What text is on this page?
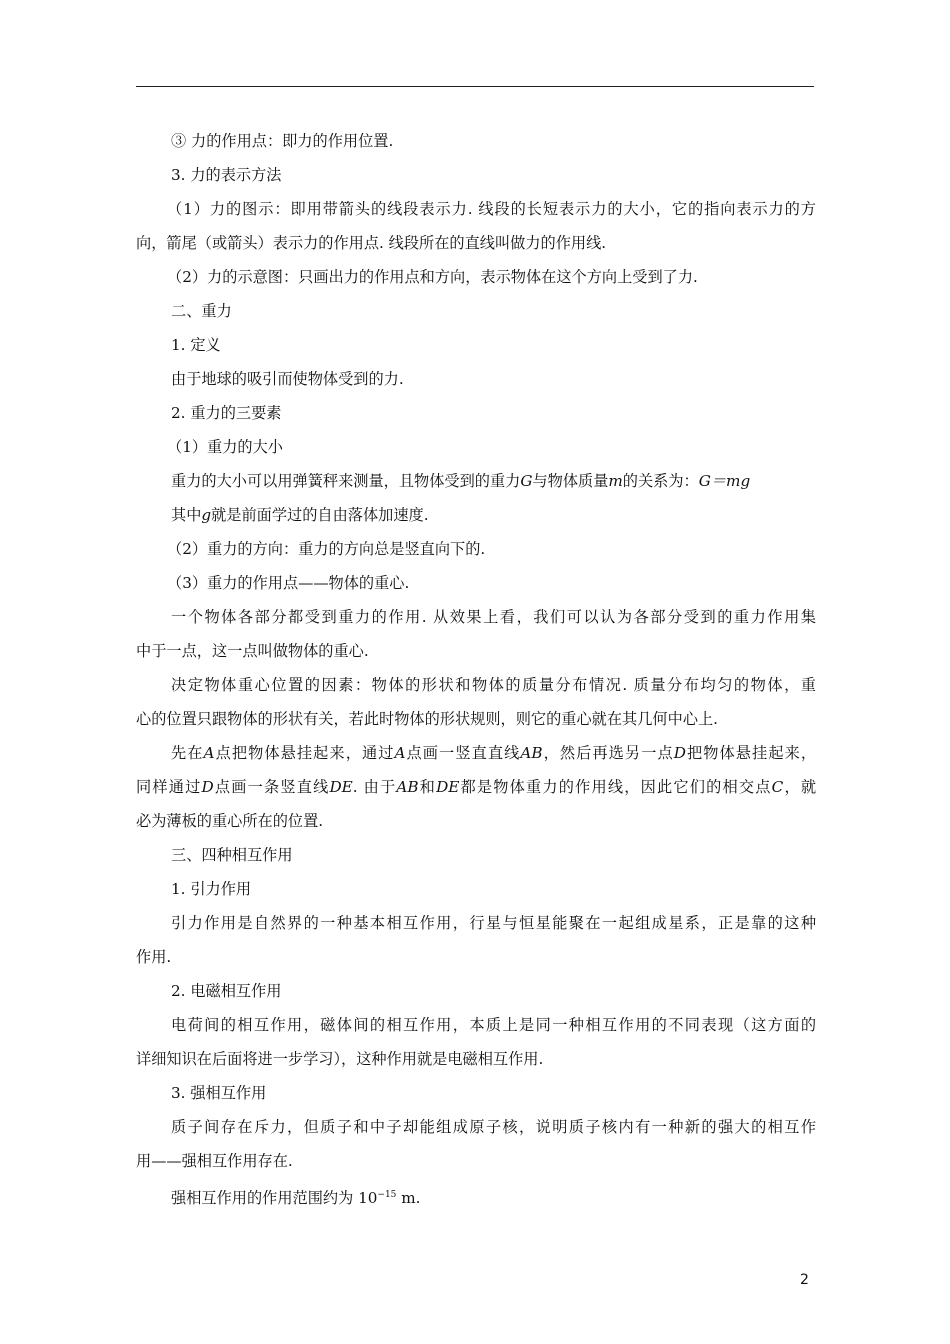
③ 力的作用点：即力的作用位置.
3. 力的表示方法
（1）力的图示：即用带箭头的线段表示力. 线段的长短表示力的大小，它的指向表示力的方
向，箭尾（或箭头）表示力的作用点. 线段所在的直线叫做力的作用线.
（2）力的示意图：只画出力的作用点和方向，表示物体在这个方向上受到了力.
二、重力
1. 定义
由于地球的吸引而使物体受到的力.
2. 重力的三要素
（1）重力的大小
重力的大小可以用弹簧秤来测量，且物体受到的重力G与物体质量m的关系为：G＝mg
其中g就是前面学过的自由落体加速度.
（2）重力的方向：重力的方向总是竖直向下的.
（3）重力的作用点——物体的重心.
一个物体各部分都受到重力的作用. 从效果上看，我们可以认为各部分受到的重力作用集
中于一点，这一点叫做物体的重心.
决定物体重心位置的因素：物体的形状和物体的质量分布情况. 质量分布均匀的物体，重
心的位置只跟物体的形状有关，若此时物体的形状规则，则它的重心就在其几何中心上.
先在A点把物体悬挂起来，通过A点画一竖直直线AB，然后再选另一点D把物体悬挂起来，
同样通过D点画一条竖直线DE. 由于AB和DE都是物体重力的作用线，因此它们的相交点C，就
必为薄板的重心所在的位置.
三、四种相互作用
1. 引力作用
引力作用是自然界的一种基本相互作用，行星与恒星能聚在一起组成星系，正是靠的这种
作用.
2. 电磁相互作用
电荷间的相互作用，磁体间的相互作用，本质上是同一种相互作用的不同表现（这方面的
详细知识在后面将进一步学习），这种作用就是电磁相互作用.
3. 强相互作用
质子间存在斥力，但质子和中子却能组成原子核，说明质子核内有一种新的强大的相互作
用——强相互作用存在.
强相互作用的作用范围约为 $10^{-15}$ m.
2
